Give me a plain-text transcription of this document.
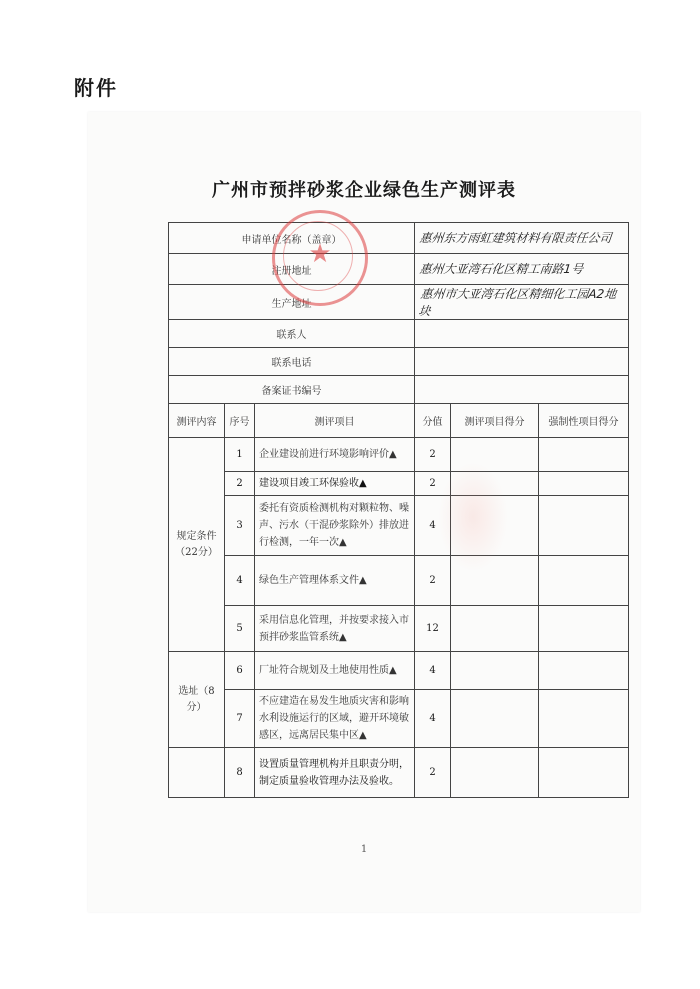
附件
广州市预拌砂浆企业绿色生产测评表
申请单位名称（盖章）			惠州东方雨虹建筑材料有限责任公司		
注册地址			惠州大亚湾石化区精工南路1号		
生产地址			惠州市大亚湾石化区精细化工园A2地块		
联系人					
联系电话					
备案证书编号					
测评内容	序号	测评项目	分值	测评项目得分	强制性项目得分
规定条件（22分）	1	企业建设前进行环境影响评价▲	2		
	2	建设项目竣工环保验收▲	2		
	3	委托有资质检测机构对颗粒物、噪声、污水（干混砂浆除外）排放进行检测，一年一次▲	4		
	4	绿色生产管理体系文件▲	2		
	5	采用信息化管理，并按要求接入市预拌砂浆监管系统▲	12		
选址（8分）	6	厂址符合规划及土地使用性质▲	4		
	7	不应建造在易发生地质灾害和影响水利设施运行的区域，避开环境敏感区，远离居民集中区▲	4		
	8	设置质量管理机构并且职责分明，制定质量验收管理办法及验收。	2		
★
1
